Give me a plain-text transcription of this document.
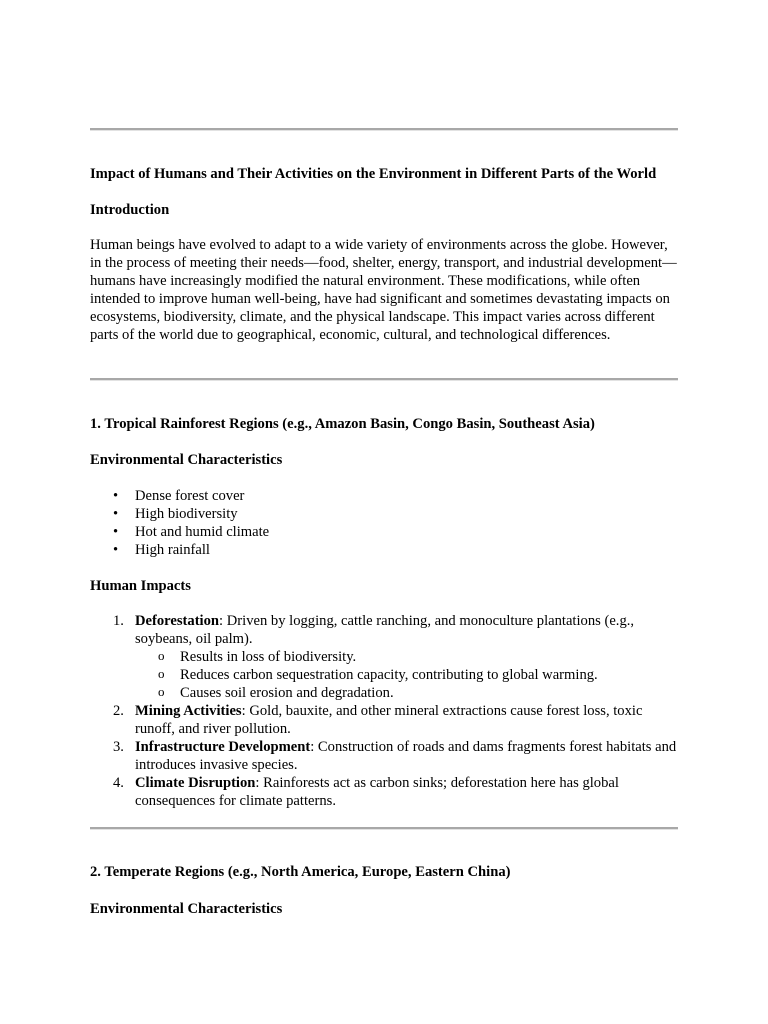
Impact of Humans and Their Activities on the Environment in Different Parts of the World

Introduction

Human beings have evolved to adapt to a wide variety of environments across the globe. However, in the process of meeting their needs—food, shelter, energy, transport, and industrial development—humans have increasingly modified the natural environment. These modifications, while often intended to improve human well-being, have had significant and sometimes devastating impacts on ecosystems, biodiversity, climate, and the physical landscape. This impact varies across different parts of the world due to geographical, economic, cultural, and technological differences.

1. Tropical Rainforest Regions (e.g., Amazon Basin, Congo Basin, Southeast Asia)

Environmental Characteristics

• Dense forest cover
• High biodiversity
• Hot and humid climate
• High rainfall

Human Impacts

1. Deforestation: Driven by logging, cattle ranching, and monoculture plantations (e.g., soybeans, oil palm).
o Results in loss of biodiversity.
o Reduces carbon sequestration capacity, contributing to global warming.
o Causes soil erosion and degradation.
2. Mining Activities: Gold, bauxite, and other mineral extractions cause forest loss, toxic runoff, and river pollution.
3. Infrastructure Development: Construction of roads and dams fragments forest habitats and introduces invasive species.
4. Climate Disruption: Rainforests act as carbon sinks; deforestation here has global consequences for climate patterns.

2. Temperate Regions (e.g., North America, Europe, Eastern China)

Environmental Characteristics
